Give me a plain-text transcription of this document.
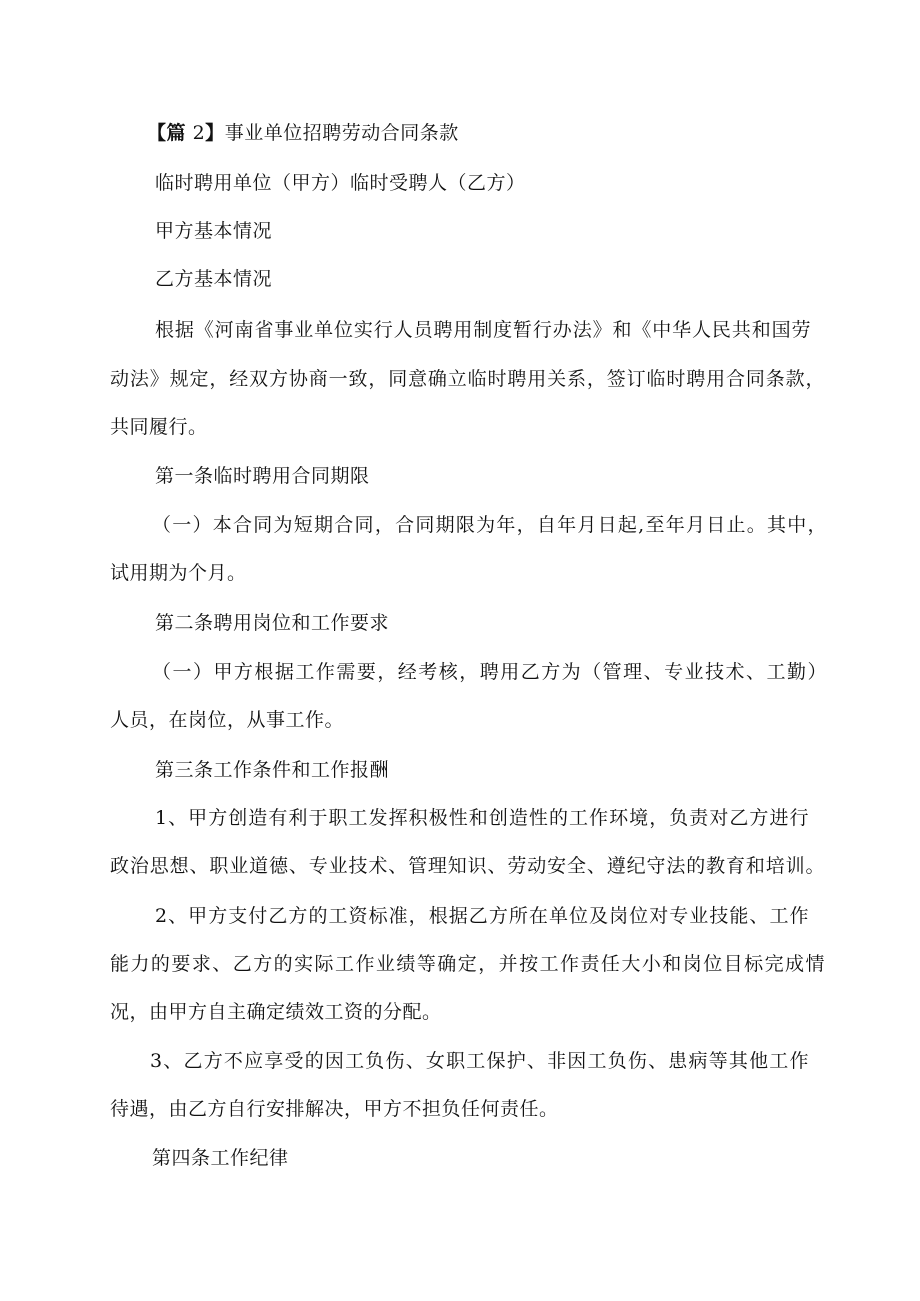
【篇 2】事业单位招聘劳动合同条款
临时聘用单位（甲方）临时受聘人（乙方）
甲方基本情况
乙方基本情况
根据《河南省事业单位实行人员聘用制度暂行办法》和《中华人民共和国劳
动法》规定，经双方协商一致，同意确立临时聘用关系，签订临时聘用合同条款，
共同履行。
第一条临时聘用合同期限
（一）本合同为短期合同，合同期限为年，自年月日起,至年月日止。其中，
试用期为个月。
第二条聘用岗位和工作要求
（一）甲方根据工作需要，经考核，聘用乙方为（管理、专业技术、工勤）
人员，在岗位，从事工作。
第三条工作条件和工作报酬
1、甲方创造有利于职工发挥积极性和创造性的工作环境，负责对乙方进行
政治思想、职业道德、专业技术、管理知识、劳动安全、遵纪守法的教育和培训。
2、甲方支付乙方的工资标准，根据乙方所在单位及岗位对专业技能、工作
能力的要求、乙方的实际工作业绩等确定，并按工作责任大小和岗位目标完成情
况，由甲方自主确定绩效工资的分配。
3、乙方不应享受的因工负伤、女职工保护、非因工负伤、患病等其他工作
待遇，由乙方自行安排解决，甲方不担负任何责任。
第四条工作纪律
